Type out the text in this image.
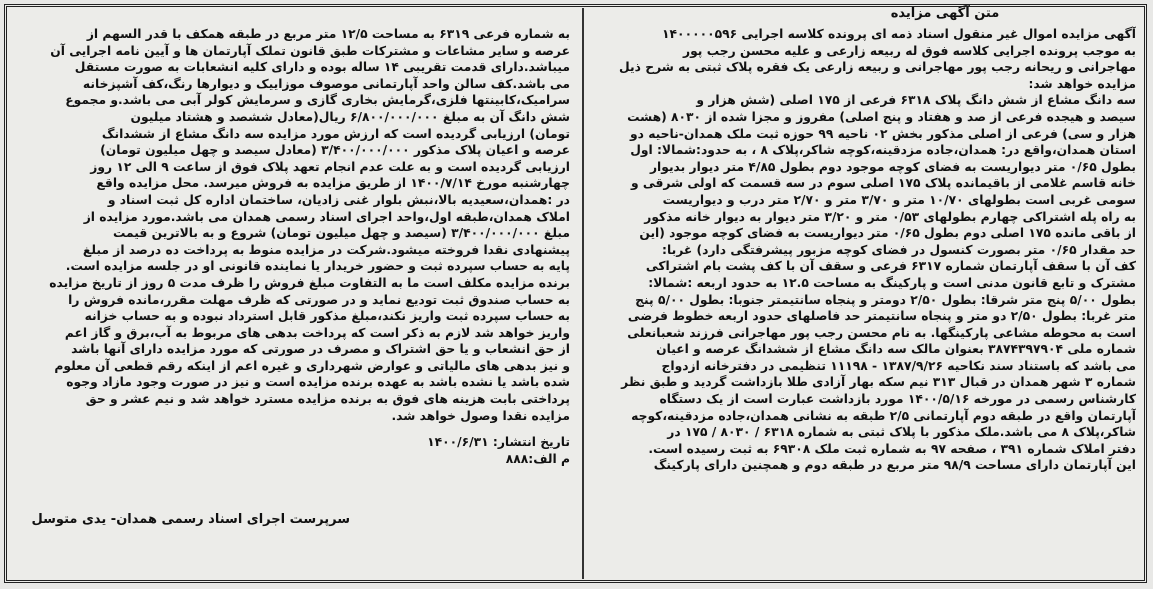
متن آگهی مزایده
آگهی مزایده اموال غیر منقول اسناد ذمه ای پرونده کلاسه اجرایی ۱۴۰۰۰۰۰۵۹۶
به موجب پرونده اجرایی کلاسه فوق له ربیعه زارعی و علیه محسن رجب پور
مهاجرانی و ریحانه رجب پور مهاجرانی و ربیعه زارعی یک فقره پلاک ثبتی به شرح ذیل
مزایده خواهد شد:
سه دانگ مشاع از شش دانگ پلاک ۶۳۱۸ فرعی از ۱۷۵ اصلی (شش هزار و
سیصد و هیجده فرعی از صد و هفتاد و پنج اصلی) مفروز و مجزا شده از ۸۰۳۰ (هشت
هزار و سی) فرعی از اصلی مذکور بخش ۰۲ ناحیه ۹۹ حوزه ثبت ملک همدان-ناحیه دو
استان همدان،واقع در: همدان،جاده مزدقینه،کوچه شاکر،پلاک ۸ ، به حدود:شمالا: اول
بطول ۰/۶۵ متر دیواریست به فضای کوچه موجود دوم بطول ۴/۸۵ متر دیوار بدیوار
خانه قاسم غلامی از باقیمانده پلاک ۱۷۵ اصلی سوم در سه قسمت که اولی شرقی و
سومی غربی است بطولهای ۱۰/۷۰ متر و ۳/۷۰ متر و ۲/۷۰ متر درب و دیواریست
به راه پله اشتراکی چهارم بطولهای ۰/۵۳ متر و ۳/۲۰ متر دیوار به دیوار خانه مذکور
از باقی مانده ۱۷۵ اصلی دوم بطول ۰/۶۵ متر دیواریست به فضای کوچه موجود (این
حد مقدار ۰/۶۵ متر بصورت کنسول در فضای کوچه مزبور پیشرفتگی دارد) غربا:
کف آن با سقف آپارتمان شماره ۶۳۱۷ فرعی و سقف آن با کف پشت بام اشتراکی
مشترک و تابع قانون مدنی است و پارکینگ به مساحت ۱۲.۵ به حدود اربعه :شمالا:
بطول ۵/۰۰ پنج متر شرقا: بطول ۲/۵۰ دومتر و پنجاه سانتیمتر جنوبا: بطول ۵/۰۰ پنج
متر غربا: بطول ۲/۵۰ دو متر و پنجاه سانتیمتر حد فاصلهای حدود اربعه خطوط فرضی
است به محوطه مشاعی پارکینگها. به نام محسن رجب پور مهاجرانی فرزند شعبانعلی
شماره ملی ۳۸۷۴۳۹۷۹۰۴ بعنوان مالک سه دانگ مشاع از ششدانگ عرصه و اعیان
می باشد که باستناد سند نکاحیه ۱۳۸۷/۹/۲۶ - ۱۱۱۹۸ تنظیمی در دفترخانه ازدواج
شماره ۳ شهر همدان در قبال ۳۱۳ نیم سکه بهار آزادی طلا بازداشت گردید و طبق نظر
کارشناس رسمی در مورخه ۱۴۰۰/۵/۱۶ مورد بازداشت عبارت است از یک دستگاه
آپارتمان واقع در طبقه دوم آپارتمانی ۲/۵ طبقه به نشانی همدان،جاده مزدقینه،کوچه
شاکر،پلاک ۸ می باشد.ملک مذکور با پلاک ثبتی به شماره ۶۳۱۸ / ۸۰۳۰ / ۱۷۵ در
دفتر املاک شماره ۳۹۱ ، صفحه ۹۷ به شماره ثبت ملک ۶۹۳۰۸ به ثبت رسیده است.
این آپارتمان دارای مساحت ۹۸/۹ متر مربع در طبقه دوم و همچنین دارای پارکینگ
به شماره فرعی ۶۳۱۹ به مساحت ۱۲/۵ متر مربع در طبقه همکف با قدر السهم از
عرصه و سایر مشاعات و مشترکات طبق قانون تملک آپارتمان ها و آیین نامه اجرایی آن
میباشد.دارای قدمت تقریبی ۱۴ ساله بوده و دارای کلیه انشعابات به صورت مستقل
می باشد.کف سالن واحد آپارتمانی موصوف موزاییک و دیوارها رنگ،کف آشپزخانه
سرامیک،کابینتها فلزی،گرمایش بخاری گازی و سرمایش کولر آبی می باشد.و مجموع
شش دانگ آن به مبلغ ۶/۸۰۰/۰۰۰/۰۰۰ ریال(معادل ششصد و هشتاد میلیون
تومان) ارزیابی گردیده است که ارزش مورد مزایده سه دانگ مشاع از ششدانگ
عرصه و اعیان پلاک مذکور ۳/۴۰۰/۰۰۰/۰۰۰ (معادل سیصد و چهل میلیون تومان)
ارزیابی گردیده است و به علت عدم انجام تعهد پلاک فوق از ساعت ۹ الی ۱۲ روز
چهارشنبه مورخ ۱۴۰۰/۷/۱۴ از طریق مزایده به فروش میرسد. محل مزایده واقع
در :همدان،سعیدیه بالا،نبش بلوار غنی زادیان، ساختمان اداره کل ثبت اسناد و
املاک همدان،طبقه اول،واحد اجرای اسناد رسمی همدان می باشد.مورد مزایده از
مبلغ ۳/۴۰۰/۰۰۰/۰۰۰ (سیصد و چهل میلیون تومان) شروع و به بالاترین قیمت
پیشنهادی نقدا فروخته میشود.شرکت در مزایده منوط به پرداخت ده درصد از مبلغ
پایه به حساب سپرده ثبت و حضور خریدار یا نماینده قانونی او در جلسه مزایده است.
برنده مزایده مکلف است ما به التفاوت مبلغ فروش را ظرف مدت ۵ روز از تاریخ مزایده
به حساب صندوق ثبت تودیع نماید و در صورتی که ظرف مهلت مقرر،مانده فروش را
به حساب سپرده ثبت واریز نکند،مبلغ مذکور قابل استرداد نبوده و به حساب خزانه
واریز خواهد شد لازم به ذکر است که پرداخت بدهی های مربوط به آب،برق و گاز اعم
از حق انشعاب و یا حق اشتراک و مصرف در صورتی که مورد مزایده دارای آنها باشد
و نیز بدهی های مالیاتی و عوارض شهرداری و غیره اعم از اینکه رقم قطعی آن معلوم
شده باشد یا نشده باشد به عهده برنده مزایده است و نیز در صورت وجود مازاد وجوه
پرداختی بابت هزینه های فوق به برنده مزایده مسترد خواهد شد و نیم عشر و حق
مزایده نقدا وصول خواهد شد.
تاریخ انتشار: ۱۴۰۰/۶/۳۱
م الف:۸۸۸
سرپرست اجرای اسناد رسمی همدان- یدی متوسل
